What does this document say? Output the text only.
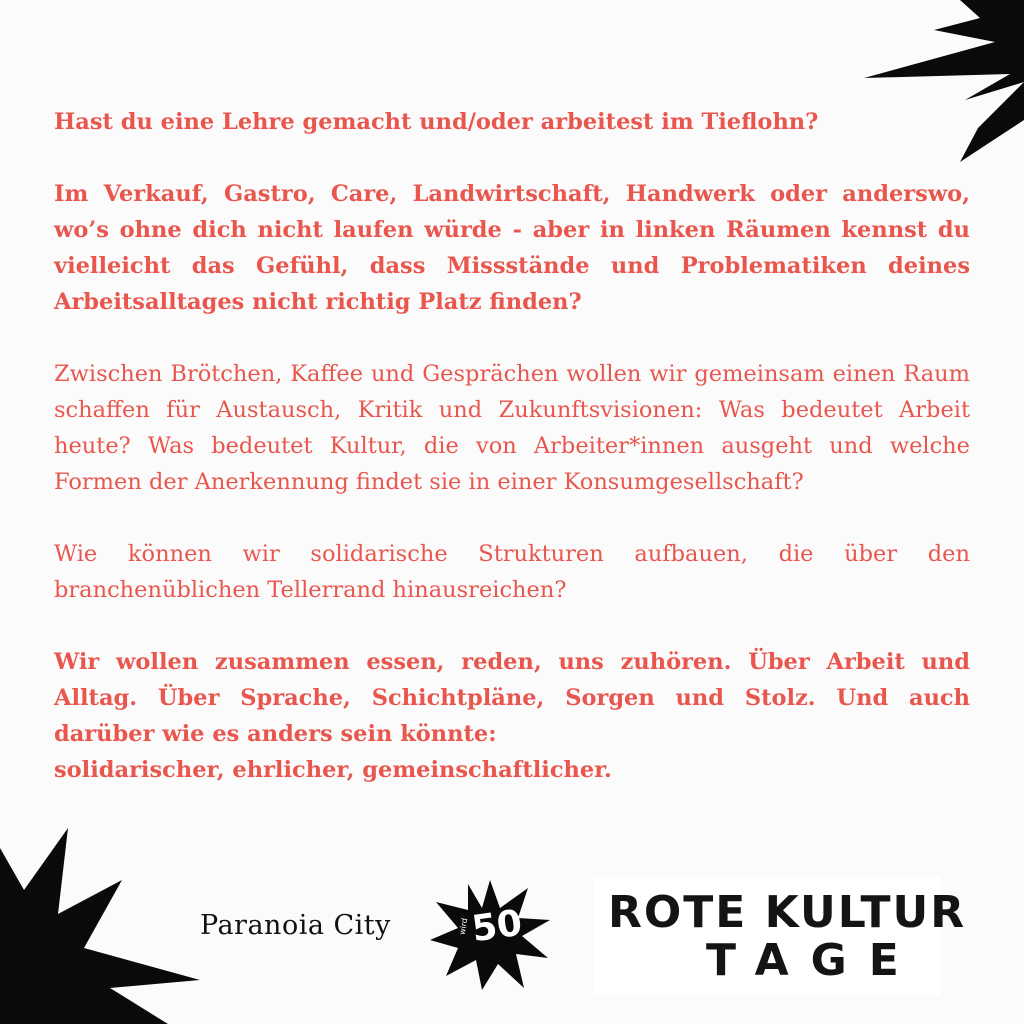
Hast du eine Lehre gemacht und/oder arbeitest im Tieflohn?

Im Verkauf, Gastro, Care, Landwirtschaft, Handwerk oder anderswo, wo’s ohne dich nicht laufen würde - aber in linken Räumen kennst du vielleicht das Gefühl, dass Missstände und Problematiken deines Arbeitsalltages nicht richtig Platz finden?

Zwischen Brötchen, Kaffee und Gesprächen wollen wir gemeinsam einen Raum schaffen für Austausch, Kritik und Zukunftsvisionen: Was bedeutet Arbeit heute? Was bedeutet Kultur, die von Arbeiter*innen ausgeht und welche Formen der Anerkennung findet sie in einer Konsumgesellschaft?

Wie können wir solidarische Strukturen aufbauen, die über den branchenüblichen Tellerrand hinausreichen?

Wir wollen zusammen essen, reden, uns zuhören. Über Arbeit und Alltag. Über Sprache, Schichtpläne, Sorgen und Stolz. Und auch darüber wie es anders sein könnte:

solidarischer, ehrlicher, gemeinschaftlicher.

Paranoia City	wird 50 ROTE KULTUR
TAGE
